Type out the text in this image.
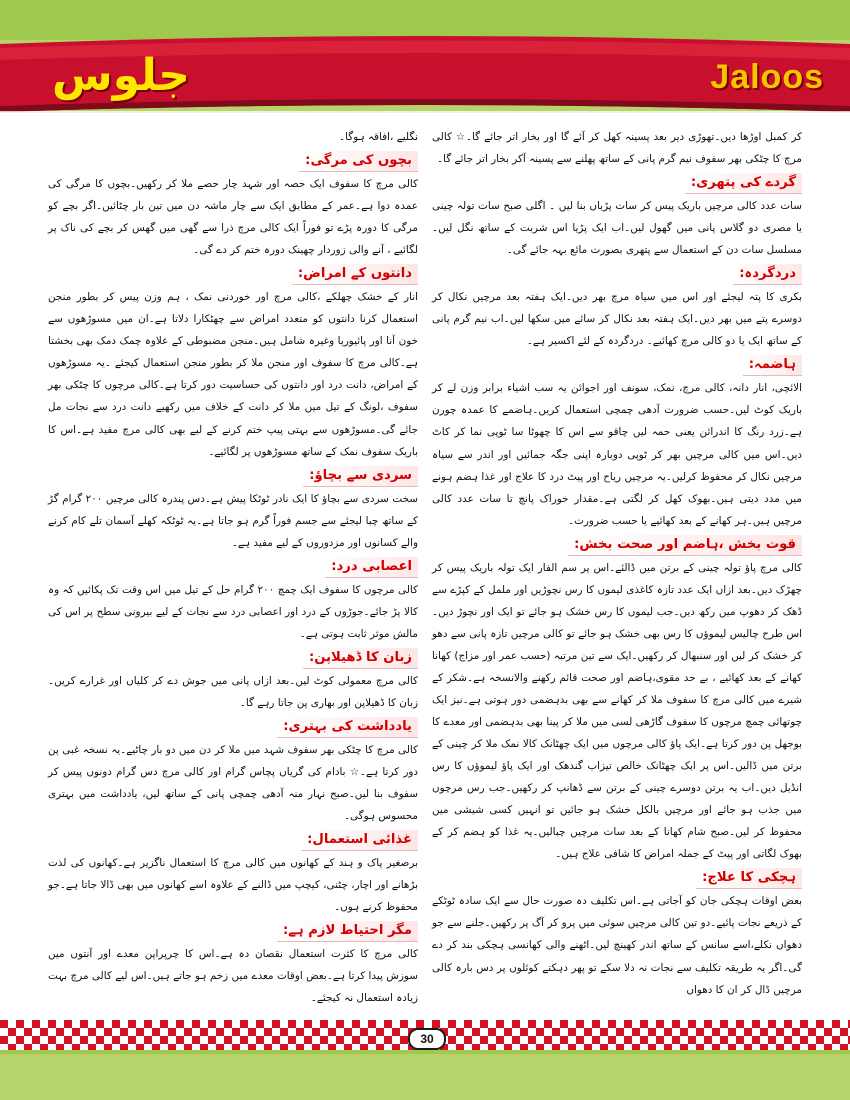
Jaloos
جلوس

کر کمبل اوڑھا دیں۔تھوڑی دیر بعد پسینہ کھل کر آئے گا اور بخار اتر جائے گا۔☆ کالی مرچ کا چٹکی بھر سفوف نیم گرم پانی کے ساتھ پھلنے سے پسینہ آکر بخار اتر جائے گا۔

گردے کی پتھری:

سات عدد کالی مرچیں باریک پیس کر سات پڑیاں بنا لیں ۔ اگلی صبح سات تولہ چینی یا مصری دو گلاس پانی میں گھول لیں۔اب ایک پڑیا اس شربت کے ساتھ نگل لیں۔مسلسل سات دن کے استعمال سے پتھری بصورت مائع بہہ جائے گی۔

دردگردہ:

بکری کا پتہ لیجئے اور اس میں سیاہ مرچ بھر دیں۔ایک ہفتہ بعد مرچیں نکال کر دوسرے پتے میں بھر دیں۔ایک ہفتہ بعد نکال کر سائے میں سکھا لیں۔اب نیم گرم پانی کے ساتھ ایک یا دو کالی مرچ کھائیے۔ دردگردہ کے لئے اکسیر ہے۔

ہاضمہ:

الائچی، انار دانہ، کالی مرچ، نمک، سونف اور اجوائن یہ سب اشیاء برابر وزن لے کر باریک کوٹ لیں۔حسب ضرورت آدھی چمچی استعمال کریں۔ہاضمے کا عمدہ چورن ہے۔زرد رنگ کا اندرائن یعنی حمہ لیں چاقو سے اس کا چھوٹا سا ٹوپی نما کر کاٹ دیں۔اس میں کالی مرچیں بھر کر ٹوپی دوبارہ اپنی جگہ جمائیں اور اندر سے سیاہ مرچیں نکال کر محفوظ کرلیں۔یہ مرچیں ریاح اور پیٹ درد کا علاج اور غذا ہضم ہونے میں مدد دیتی ہیں۔بھوک کھل کر لگتی ہے۔مقدار خوراک پانچ تا سات عدد کالی مرچیں ہیں۔ہر کھانے کے بعد کھائیے یا حسب ضرورت۔

قوت بخش ،ہاضم اور صحت بخش:

کالی مرچ پاؤ تولہ چینی کے برتن میں ڈالئے۔اس پر سم الفار ایک تولہ باریک پیس کر چھڑک دیں۔بعد ازاں ایک عدد تازہ کاغذی لیموں کا رس نچوڑیں اور ململ کے کپڑے سے ڈھک کر دھوپ میں رکھ دیں۔جب لیموں کا رس خشک ہو جائے تو ایک اور نچوڑ دیں۔اس طرح چالیس لیموؤں کا رس بھی خشک ہو جائے تو کالی مرچیں تازہ پانی سے دھو کر خشک کر لیں اور سنبھال کر رکھیں۔ایک سے تین مرتبہ (حسب عمر اور مزاج) کھانا کھانے کے بعد کھائیے ، بے حد مقوی،ہاضم اور صحت قائم رکھنے والانسخہ ہے۔شکر کے شیرے میں کالی مرچ کا سفوف ملا کر کھانے سے بھی بدہضمی دور ہوتی ہے۔نیز ایک چوتھائی چمچ مرچوں کا سفوف گاڑھی لسی میں ملا کر پینا بھی بدہضمی اور معدے کا بوجھل پن دور کرتا ہے۔ایک پاؤ کالی مرچوں میں ایک چھٹانک کالا نمک ملا کر چینی کے برتن میں ڈالیں۔اس پر ایک چھٹانک خالص تیزاب گندھک اور ایک پاؤ لیموؤں کا رس انڈیل دیں۔اب یہ برتن دوسرے چینی کے برتن سے ڈھانپ کر رکھیں۔جب رس مرچوں میں جذب ہو جائے اور مرچیں بالکل خشک ہو جائیں تو انہیں کسی شیشی میں محفوظ کر لیں۔صبح شام کھانا کے بعد سات مرچیں چبالیں۔یہ غذا کو ہضم کر کے بھوک لگاتی اور پیٹ کے جملہ امراض کا شافی علاج ہیں۔

ہچکی کا علاج:

بعض اوقات ہچکی جان کو آجاتی ہے۔اس تکلیف دہ صورت حال سے ایک سادہ ٹوٹکے کے ذریعے نجات پائیے۔دو تین کالی مرچیں سوئی میں پرو کر آگ پر رکھیں۔جلنے سے جو دھواں نکلے،اسے سانس کے ساتھ اندر کھینچ لیں۔اٹھنے والی کھانسی ہچکی بند کر دے گی۔اگر یہ طریقہ تکلیف سے نجات نہ دلا سکے تو پھر دہکتے کوئلوں پر دس بارہ کالی مرچیں ڈال کر ان کا دھواں

نگلیے ،افاقہ ہوگا۔

بچوں کی مرگی:

کالی مرچ کا سفوف ایک حصہ اور شہد چار حصے ملا کر رکھیں۔بچوں کا مرگی کی عمدہ دوا ہے۔عمر کے مطابق ایک سے چار ماشہ دن میں تین بار چٹائیں۔اگر بچے کو مرگی کا دورہ پڑے تو فوراً ایک کالی مرچ ذرا سے گھی میں گھس کر بچے کی ناک پر لگائیے ، آنے والی زوردار چھینک دورہ ختم کر دے گی۔

دانتوں کے امراض:

انار کے خشک چھلکے ،کالی مرچ اور خوردنی نمک ، ہم وزن پیس کر بطور منجن استعمال کرنا دانتوں کو متعدد امراض سے چھٹکارا دلاتا ہے۔ان میں مسوڑھوں سے خون آنا اور پائیوریا وغیرہ شامل ہیں۔منجن مضبوطی کے علاوہ چمک دمک بھی بخشتا ہے۔کالی مرچ کا سفوف اور منجن ملا کر بطور منجن استعمال کیجئے ۔یہ مسوڑھوں کے امراض، دانت درد اور دانتوں کی حساسیت دور کرتا ہے۔کالی مرچوں کا چٹکی بھر سفوف ،لونگ کے تیل میں ملا کر دانت کے خلاف میں رکھیے دانت درد سے نجات مل جائے گی۔مسوڑھوں سے بہتی پیپ ختم کرنے کے لیے بھی کالی مرچ مفید ہے۔اس کا باریک سفوف نمک کے ساتھ مسوڑھوں پر لگائیے۔

سردی سے بچاؤ:

سخت سردی سے بچاؤ کا ایک نادر ٹوٹکا پیش ہے۔دس پندرہ کالی مرچیں ۲۰۰ گرام گڑ کے ساتھ چبا لیجئے سے جسم فوراً گرم ہو جاتا ہے۔یہ ٹوٹکہ کھلے آسمان تلے کام کرنے والے کسانوں اور مزدوروں کے لیے مفید ہے۔

اعصابی درد:

کالی مرچوں کا سفوف ایک چمچ ۲۰۰ گرام حل کے تیل میں اس وقت تک پکائیں کہ وہ کالا پڑ جائے۔جوڑوں کے درد اور اعصابی درد سے نجات کے لیے بیرونی سطح پر اس کی مالش موثر ثابت ہوتی ہے۔

زبان کا ڈھیلاپن:

کالی مرچ معمولی کوٹ لیں۔بعد ازاں پانی میں جوش دے کر کلیاں اور غرارے کریں۔زبان کا ڈھیلاپن اور بھاری پن جاتا رہے گا۔

یادداشت کی بہتری:

کالی مرچ کا چٹکی بھر سفوف شہد میں ملا کر دن میں دو بار چاٹیے۔یہ نسخہ غبی پن دور کرتا ہے۔☆ بادام کی گریاں پچاس گرام اور کالی مرچ دس گرام دونوں پیس کر سفوف بنا لیں۔صبح نہار منہ آدھی چمچی پانی کے ساتھ لیں، یادداشت میں بہتری محسوس ہوگی۔

غذائی استعمال:

برصغیر پاک و ہند کے کھانوں میں کالی مرچ کا استعمال ناگزیر ہے۔کھانوں کی لذت بڑھانے اور اچار، چٹنی، کیچپ میں ڈالنے کے علاوہ اسے کھانوں میں بھی ڈالا جاتا ہے۔جو محفوظ کرنے ہوں۔

مگر احتیاط لازم ہے:

کالی مرچ کا کثرت استعمال نقصان دہ ہے۔اس کا چرپراپن معدے اور آنتوں میں سوزش پیدا کرتا ہے۔بعض اوقات معدے میں زخم ہو جاتے ہیں۔اس لیے کالی مرچ بہت زیادہ استعمال نہ کیجئے۔

30
